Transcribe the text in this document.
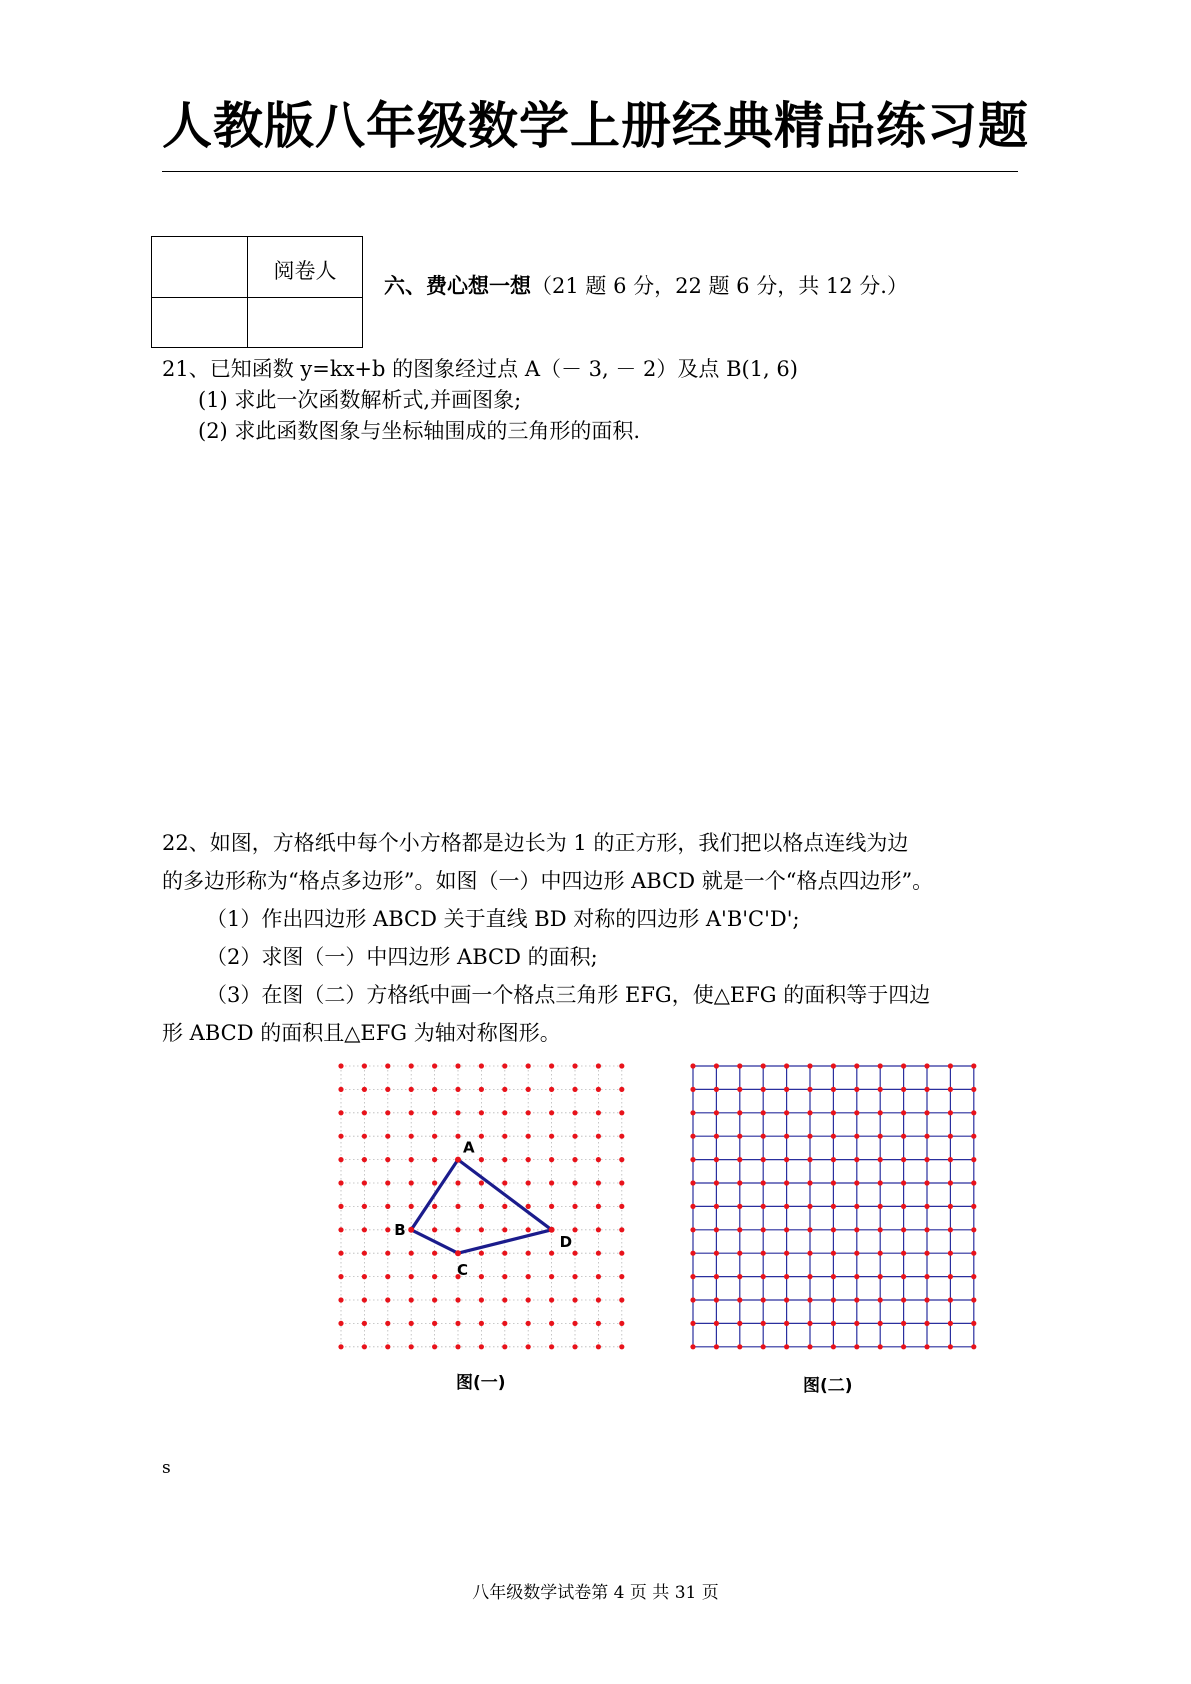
人教版八年级数学上册经典精品练习题

	阅卷人

六、费心想一想（21 题 6 分，22 题 6 分，共 12 分.）
21、已知函数 y=kx+b 的图象经过点 A（－ 3, － 2）及点 B(1, 6)
(1) 求此一次函数解析式,并画图象;
(2) 求此函数图象与坐标轴围成的三角形的面积.
22、如图，方格纸中每个小方格都是边长为 1 的正方形，我们把以格点连线为边
的多边形称为“格点多边形”。如图（一）中四边形 ABCD 就是一个“格点四边形”。
（1）作出四边形 ABCD 关于直线 BD 对称的四边形 A'B'C'D';
（2）求图（一）中四边形 ABCD 的面积;
（3）在图（二）方格纸中画一个格点三角形 EFG，使△EFG 的面积等于四边
形 ABCD 的面积且△EFG 为轴对称图形。
A
B
C
D
图(一)	图(二)
s
八年级数学试卷第 4 页 共 31 页
